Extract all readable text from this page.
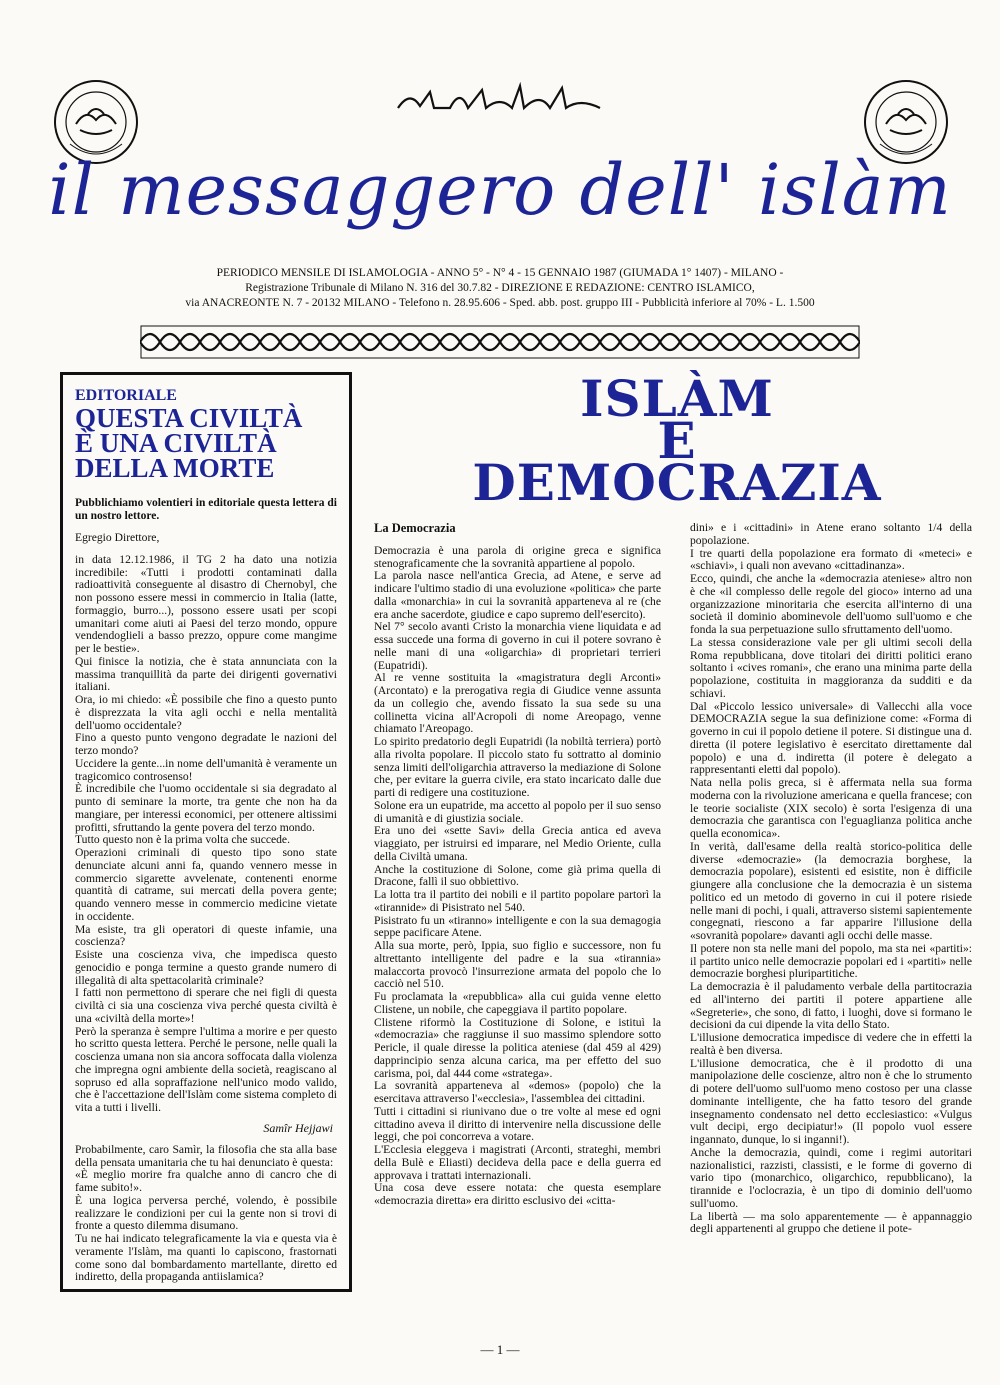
il messaggero dell' islàm
PERIODICO MENSILE DI ISLAMOLOGIA - ANNO 5° - N° 4 - 15 GENNAIO 1987 (GIUMADA 1° 1407) - MILANO -
Registrazione Tribunale di Milano N. 316 del 30.7.82 - DIREZIONE E REDAZIONE: CENTRO ISLAMICO,
via ANACREONTE N. 7 - 20132 MILANO - Telefono n. 28.95.606 - Sped. abb. post. gruppo III - Pubblicità inferiore al 70% - L. 1.500
EDITORIALE
QUESTA CIVILTÀ
È UNA CIVILTÀ
DELLA MORTE
Pubblichiamo volentieri in editoriale questa lettera di un nostro lettore.

Egregio Direttore,

in data 12.12.1986, il TG 2 ha dato una notizia incredibile: «Tutti i prodotti contaminati dalla radioattività conseguente al disastro di Chernobyl, che non possono essere messi in commercio in Italia (latte, formaggio, burro...), possono essere usati per scopi umanitari come aiuti ai Paesi del terzo mondo, oppure vendendoglieli a basso prezzo, oppure come mangime per le bestie».

Qui finisce la notizia, che è stata annunciata con la massima tranquillità da parte dei dirigenti governativi italiani.

Ora, io mi chiedo: «È possibile che fino a questo punto è disprezzata la vita agli occhi e nella mentalità dell'uomo occidentale?

Fino a questo punto vengono degradate le nazioni del terzo mondo?

Uccidere la gente...in nome dell'umanità è veramente un tragicomico controsenso!

È incredibile che l'uomo occidentale si sia degradato al punto di seminare la morte, tra gente che non ha da mangiare, per interessi economici, per ottenere altissimi profitti, sfruttando la gente povera del terzo mondo.

Tutto questo non è la prima volta che succede.

Operazioni criminali di questo tipo sono state denunciate alcuni anni fa, quando vennero messe in commercio sigarette avvelenate, contenenti enorme quantità di catrame, sui mercati della povera gente; quando vennero messe in commercio medicine vietate in occidente.

Ma esiste, tra gli operatori di queste infamie, una coscienza?

Esiste una coscienza viva, che impedisca questo genocidio e ponga termine a questo grande numero di illegalità di alta spettacolarità criminale?

I fatti non permettono di sperare che nei figli di questa civiltà ci sia una coscienza viva perché questa civiltà è una «civiltà della morte»!

Però la speranza è sempre l'ultima a morire e per questo ho scritto questa lettera. Perché le persone, nelle quali la coscienza umana non sia ancora soffocata dalla violenza che impregna ogni ambiente della società, reagiscano al sopruso ed alla sopraffazione nell'unico modo valido, che è l'accettazione dell'Islàm come sistema completo di vita a tutti i livelli.

Samîr Hejjawi

Probabilmente, caro Samìr, la filosofia che sta alla base della pensata umanitaria che tu hai denunciato è questa:

«È meglio morire fra qualche anno di cancro che di fame subito!».

È una logica perversa perché, volendo, è possibile realizzare le condizioni per cui la gente non si trovi di fronte a questo dilemma disumano.

Tu ne hai indicato telegraficamente la via e questa via è veramente l'Islàm, ma quanti lo capiscono, frastornati come sono dal bombardamento martellante, diretto ed indiretto, della propaganda antiislamica?

ISLÀM
E
DEMOCRAZIA
La Democrazia

Democrazia è una parola di origine greca e significa stenograficamente che la sovranità appartiene al popolo.

La parola nasce nell'antica Grecia, ad Atene, e serve ad indicare l'ultimo stadio di una evoluzione «politica» che parte dalla «monarchia» in cui la sovranità apparteneva al re (che era anche sacerdote, giudice e capo supremo dell'esercito).

Nel 7° secolo avanti Cristo la monarchia viene liquidata e ad essa succede una forma di governo in cui il potere sovrano è nelle mani di una «oligarchia» di proprietari terrieri (Eupatridi).

Al re venne sostituita la «magistratura degli Arconti» (Arcontato) e la prerogativa regia di Giudice venne assunta da un collegio che, avendo fissato la sua sede su una collinetta vicina all'Acropoli di nome Areopago, venne chiamato l'Areopago.

Lo spirito predatorio degli Eupatridi (la nobiltà terriera) portò alla rivolta popolare. Il piccolo stato fu sottratto al dominio senza limiti dell'oligarchia attraverso la mediazione di Solone che, per evitare la guerra civile, era stato incaricato dalle due parti di redigere una costituzione.

Solone era un eupatride, ma accetto al popolo per il suo senso di umanità e di giustizia sociale.

Era uno dei «sette Savi» della Grecia antica ed aveva viaggiato, per istruirsi ed imparare, nel Medio Oriente, culla della Civiltà umana.

Anche la costituzione di Solone, come già prima quella di Dracone, fallì il suo obbiettivo.

La lotta tra il partito dei nobili e il partito popolare partorì la «tirannide» di Pisistrato nel 540.

Pisistrato fu un «tiranno» intelligente e con la sua demagogia seppe pacificare Atene.

Alla sua morte, però, Ippia, suo figlio e successore, non fu altrettanto intelligente del padre e la sua «tirannia» malaccorta provocò l'insurrezione armata del popolo che lo cacciò nel 510.

Fu proclamata la «repubblica» alla cui guida venne eletto Clistene, un nobile, che capeggiava il partito popolare.

Clistene riformò la Costituzione di Solone, e istituì la «democrazia» che raggiunse il suo massimo splendore sotto Pericle, il quale diresse la politica ateniese (dal 459 al 429) dapprincipio senza alcuna carica, ma per effetto del suo carisma, poi, dal 444 come «stratega».

La sovranità apparteneva al «demos» (popolo) che la esercitava attraverso l'«ecclesia», l'assemblea dei cittadini.

Tutti i cittadini si riunivano due o tre volte al mese ed ogni cittadino aveva il diritto di intervenire nella discussione delle leggi, che poi concorreva a votare.

L'Ecclesia eleggeva i magistrati (Arconti, strateghi, membri della Bulè e Eliasti) decideva della pace e della guerra ed approvava i trattati internazionali.

Una cosa deve essere notata: che questa esemplare «democrazia diretta» era diritto esclusivo dei «citta-

dini» e i «cittadini» in Atene erano soltanto 1/4 della popolazione.

I tre quarti della popolazione era formato di «meteci» e «schiavi», i quali non avevano «cittadinanza».

Ecco, quindi, che anche la «democrazia ateniese» altro non è che «il complesso delle regole del gioco» interno ad una organizzazione minoritaria che esercita all'interno di una società il dominio abominevole dell'uomo sull'uomo e che fonda la sua perpetuazione sullo sfruttamento dell'uomo.

La stessa considerazione vale per gli ultimi secoli della Roma repubblicana, dove titolari dei diritti politici erano soltanto i «cives romani», che erano una minima parte della popolazione, costituita in maggioranza da sudditi e da schiavi.

Dal «Piccolo lessico universale» di Vallecchi alla voce DEMOCRAZIA segue la sua definizione come: «Forma di governo in cui il popolo detiene il potere. Si distingue una d. diretta (il potere legislativo è esercitato direttamente dal popolo) e una d. indiretta (il potere è delegato a rappresentanti eletti dal popolo).

Nata nella polis greca, si è affermata nella sua forma moderna con la rivoluzione americana e quella francese; con le teorie socialiste (XIX secolo) è sorta l'esigenza di una democrazia che garantisca con l'eguaglianza politica anche quella economica».

In verità, dall'esame della realtà storico-politica delle diverse «democrazie» (la democrazia borghese, la democrazia popolare), esistenti ed esistite, non è difficile giungere alla conclusione che la democrazia è un sistema politico ed un metodo di governo in cui il potere risiede nelle mani di pochi, i quali, attraverso sistemi sapientemente congegnati, riescono a far apparire l'illusione della «sovranità popolare» davanti agli occhi delle masse.

Il potere non sta nelle mani del popolo, ma sta nei «partiti»: il partito unico nelle democrazie popolari ed i «partiti» nelle democrazie borghesi pluripartitiche.

La democrazia è il paludamento verbale della partitocrazia ed all'interno dei partiti il potere appartiene alle «Segreterie», che sono, di fatto, i luoghi, dove si formano le decisioni da cui dipende la vita dello Stato.

L'illusione democratica impedisce di vedere che in effetti la realtà è ben diversa.

L'illusione democratica, che è il prodotto di una manipolazione delle coscienze, altro non è che lo strumento di potere dell'uomo sull'uomo meno costoso per una classe dominante intelligente, che ha fatto tesoro del grande insegnamento condensato nel detto ecclesiastico: «Vulgus vult decipi, ergo decipiatur!» (Il popolo vuol essere ingannato, dunque, lo si inganni!).

Anche la democrazia, quindi, come i regimi autoritari nazionalistici, razzisti, classisti, e le forme di governo di vario tipo (monarchico, oligarchico, repubblicano), la tirannide e l'oclocrazia, è un tipo di dominio dell'uomo sull'uomo.

La libertà — ma solo apparentemente — è appannaggio degli appartenenti al gruppo che detiene il pote-

— 1 —
